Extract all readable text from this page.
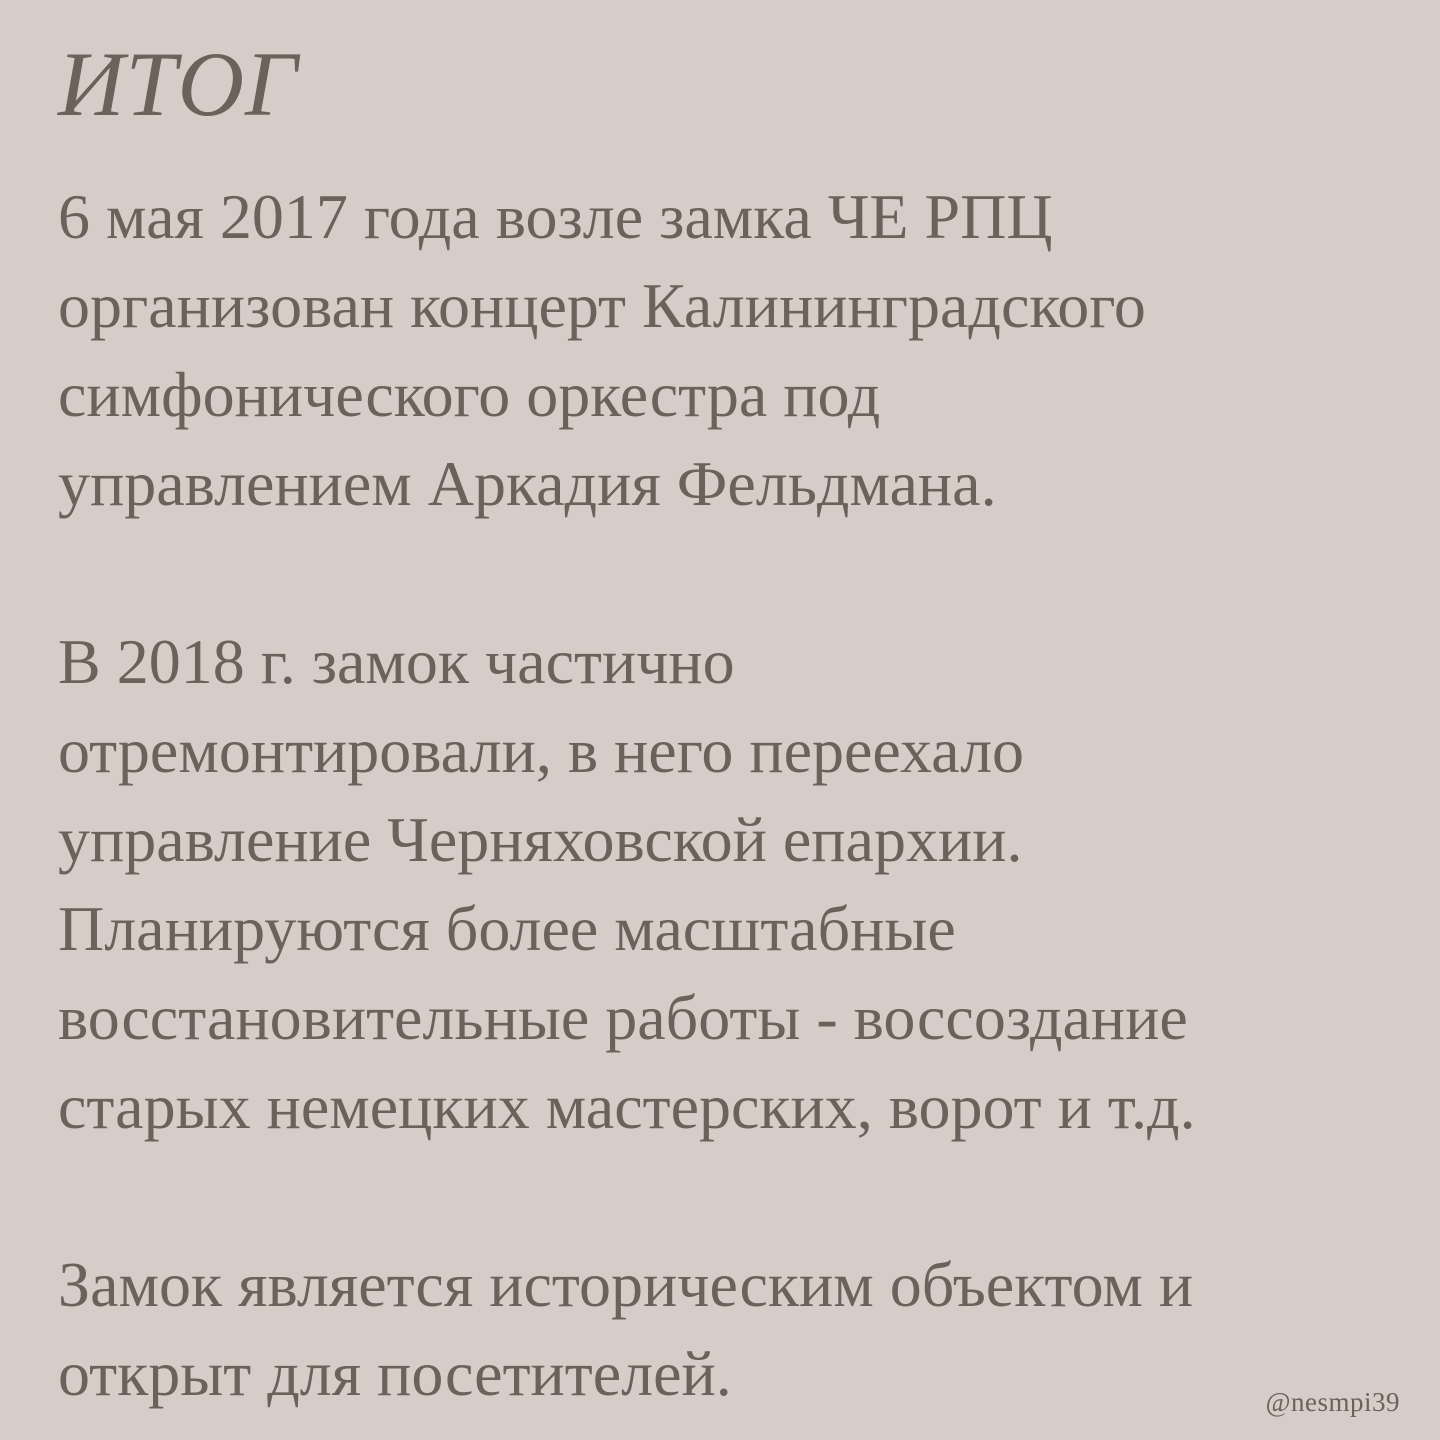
ИТОГ

6 мая 2017 года возле замка ЧЕ РПЦ
организован концерт Калининградского
симфонического оркестра под
управлением Аркадия Фельдмана.

В 2018 г. замок частично
отремонтировали, в него переехало
управление Черняховской епархии.
Планируются более масштабные
восстановительные работы - воссоздание
старых немецких мастерских, ворот и т.д.

Замок является историческим объектом и
открыт для посетителей.	@nesmpi39
